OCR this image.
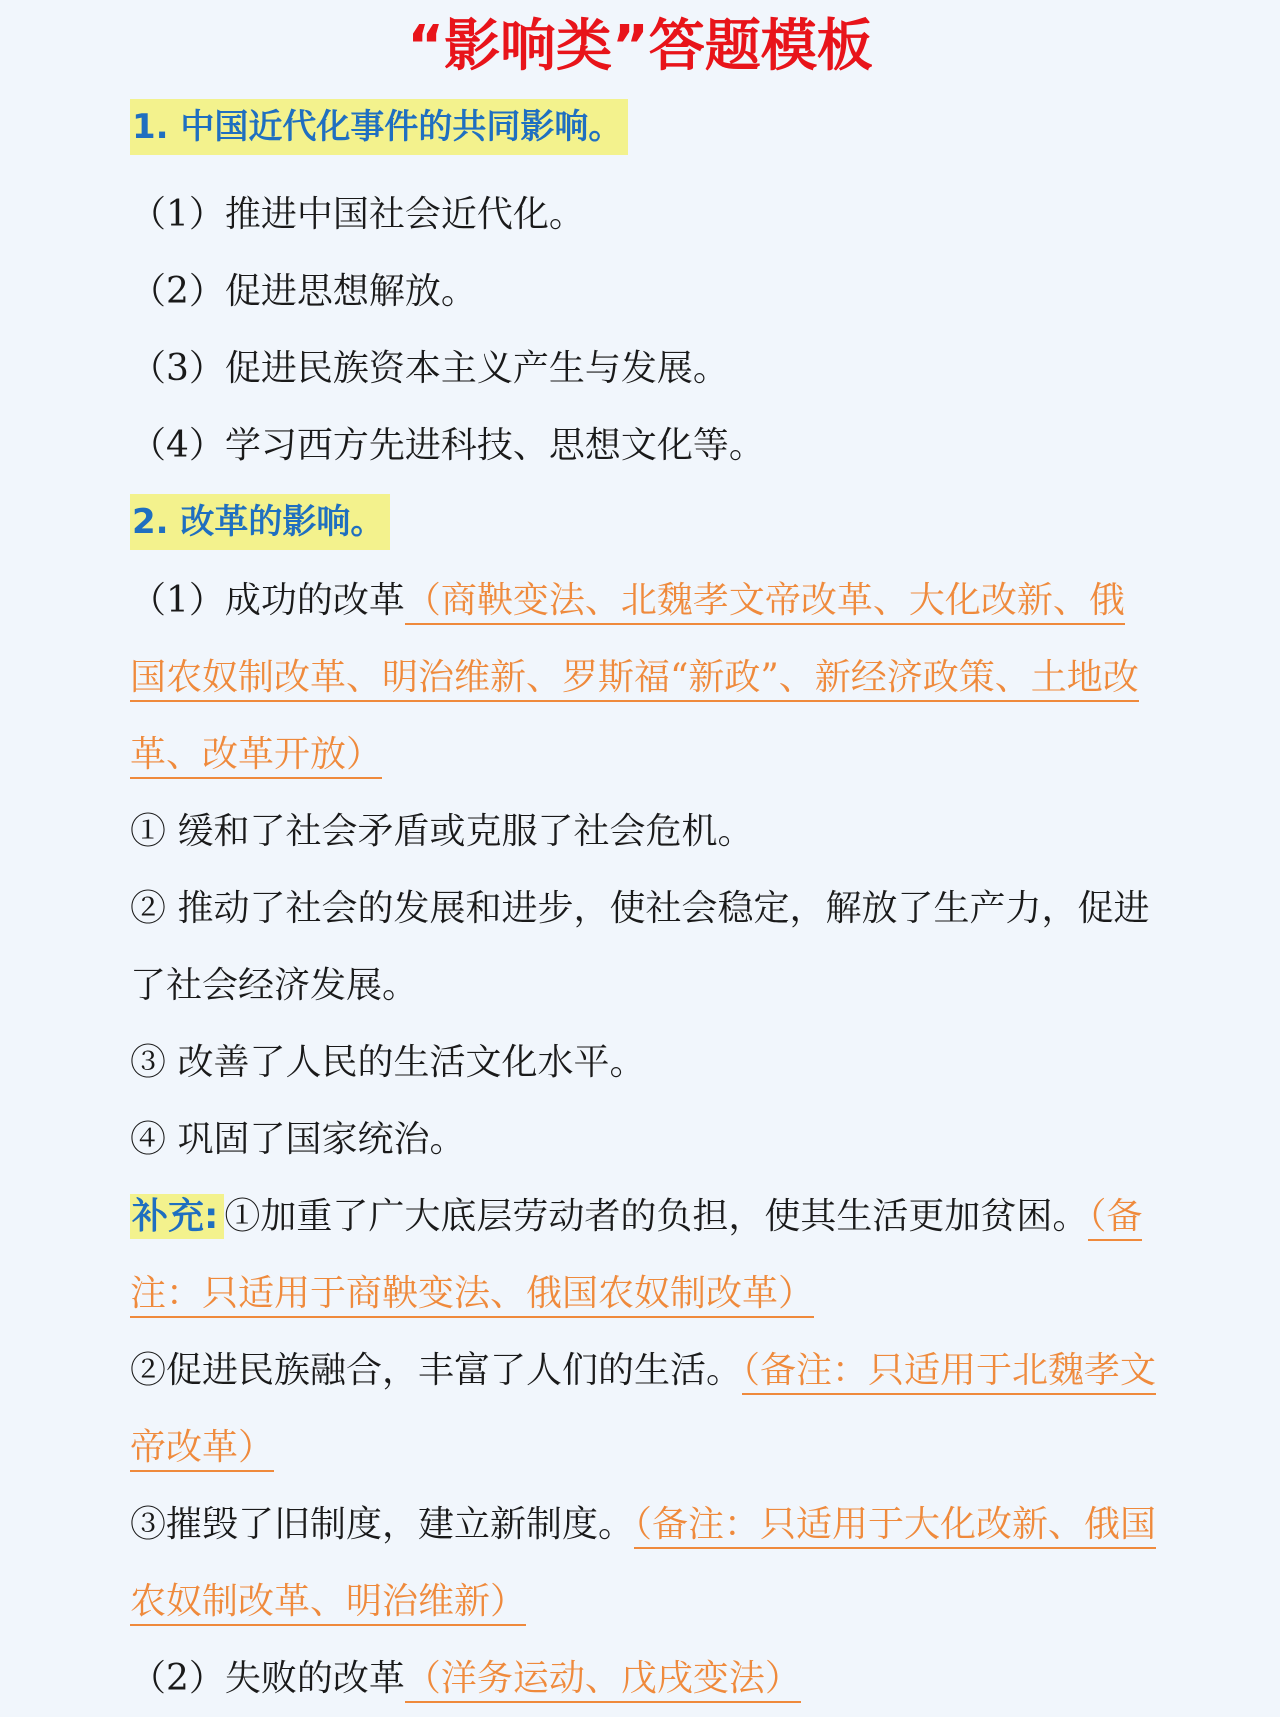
“影响类”答题模板
1. 中国近代化事件的共同影响。
（1）推进中国社会近代化。
（2）促进思想解放。
（3）促进民族资本主义产生与发展。
（4）学习西方先进科技、思想文化等。
2. 改革的影响。
（1）成功的改革（商鞅变法、北魏孝文帝改革、大化改新、俄国农奴制改革、明治维新、罗斯福“新政”、新经济政策、土地改革、改革开放）
① 缓和了社会矛盾或克服了社会危机。
② 推动了社会的发展和进步，使社会稳定，解放了生产力，促进了社会经济发展。
③ 改善了人民的生活文化水平。
④ 巩固了国家统治。
补充: ①加重了广大底层劳动者的负担，使其生活更加贫困。（备注：只适用于商鞅变法、俄国农奴制改革）
②促进民族融合，丰富了人们的生活。（备注：只适用于北魏孝文帝改革）
③摧毁了旧制度，建立新制度。（备注：只适用于大化改新、俄国农奴制改革、明治维新）
（2）失败的改革（洋务运动、戊戌变法）
